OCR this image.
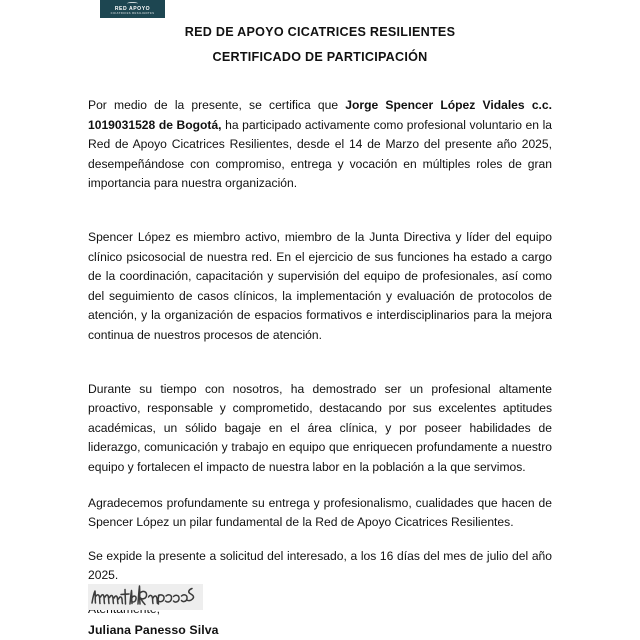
RED APOYO
CICATRICES RESILIENTES
RED DE APOYO CICATRICES RESILIENTES
CERTIFICADO DE PARTICIPACIÓN

Por medio de la presente, se certifica que Jorge Spencer López Vidales c.c. 1019031528 de Bogotá, ha participado activamente como profesional voluntario en la Red de Apoyo Cicatrices Resilientes, desde el 14 de Marzo del presente año 2025, desempeñándose con compromiso, entrega y vocación en múltiples roles de gran importancia para nuestra organización.

Spencer López es miembro activo, miembro de la Junta Directiva y líder del equipo clínico psicosocial de nuestra red. En el ejercicio de sus funciones ha estado a cargo de la coordinación, capacitación y supervisión del equipo de profesionales, así como del seguimiento de casos clínicos, la implementación y evaluación de protocolos de atención, y la organización de espacios formativos e interdisciplinarios para la mejora continua de nuestros procesos de atención.

Durante su tiempo con nosotros, ha demostrado ser un profesional altamente proactivo, responsable y comprometido, destacando por sus excelentes aptitudes académicas, un sólido bagaje en el área clínica, y por poseer habilidades de liderazgo, comunicación y trabajo en equipo que enriquecen profundamente a nuestro equipo y fortalecen el impacto de nuestra labor en la población a la que servimos.

Agradecemos profundamente su entrega y profesionalismo, cualidades que hacen de Spencer López un pilar fundamental de la Red de Apoyo Cicatrices Resilientes.

Se expide la presente a solicitud del interesado, a los 16 días del mes de julio del año 2025.

Juliana Panesso Silva
